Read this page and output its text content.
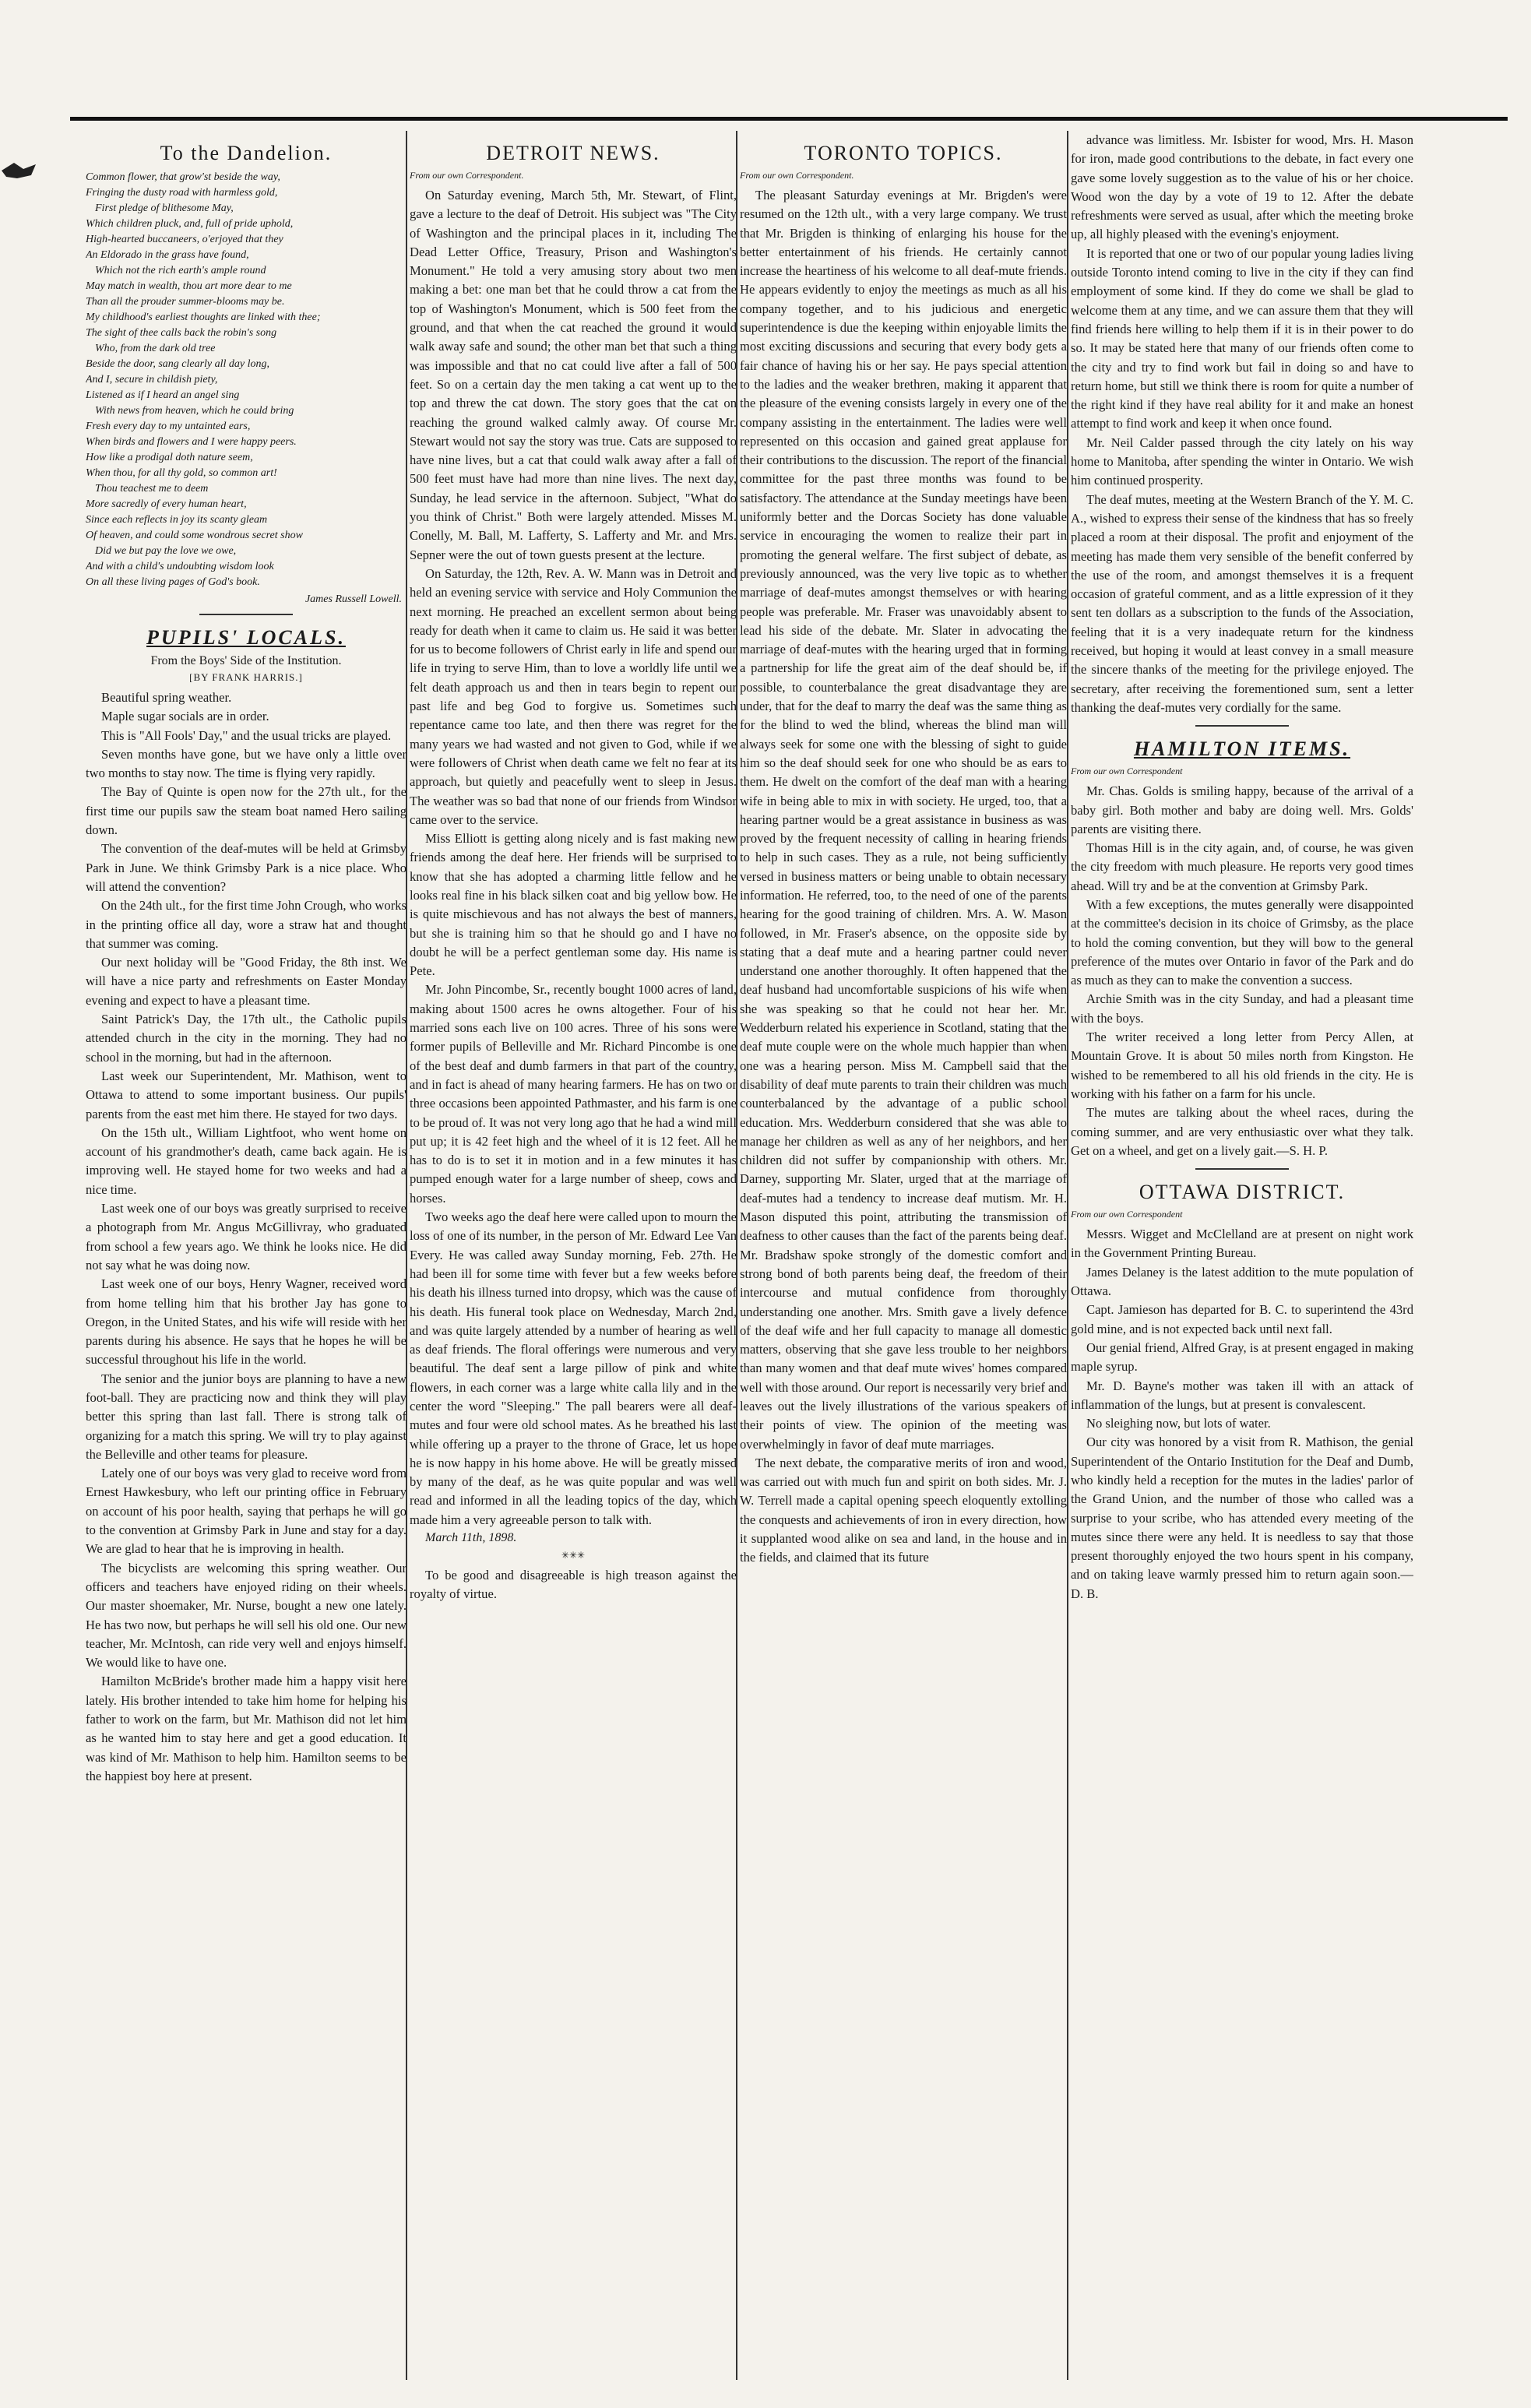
To the Dandelion.
Common flower, that grow'st beside the way,
Fringing the dusty road with harmless gold,
First pledge of blithesome May,
Which children pluck, and, full of pride uphold,
High-hearted buccaneers, o'erjoyed that they
An Eldorado in the grass have found,
Which not the rich earth's ample round
May match in wealth, thou art more dear to me
Than all the prouder summer-blooms may be.
My childhood's earliest thoughts are linked with thee;
The sight of thee calls back the robin's song
Who, from the dark old tree
Beside the door, sang clearly all day long,
And I, secure in childish piety,
Listened as if I heard an angel sing
With news from heaven, which he could bring
Fresh every day to my untainted ears,
When birds and flowers and I were happy peers.
How like a prodigal doth nature seem,
When thou, for all thy gold, so common art!
Thou teachest me to deem
More sacredly of every human heart,
Since each reflects in joy its scanty gleam
Of heaven, and could some wondrous secret show
Did we but pay the love we owe,
And with a child's undoubting wisdom look
On all these living pages of God's book.

James Russell Lowell.

PUPILS' LOCALS.

From the Boys' Side of the Institution.

[BY FRANK HARRIS.]

Beautiful spring weather.

Maple sugar socials are in order.

This is "All Fools' Day," and the usual tricks are played.

Seven months have gone, but we have only a little over two months to stay now. The time is flying very rapidly.

The Bay of Quinte is open now for the 27th ult., for the first time our pupils saw the steam boat named Hero sailing down.

The convention of the deaf-mutes will be held at Grimsby Park in June. We think Grimsby Park is a nice place. Who will attend the convention?

On the 24th ult., for the first time John Crough, who works in the printing office all day, wore a straw hat and thought that summer was coming.

Our next holiday will be "Good Friday, the 8th inst. We will have a nice party and refreshments on Easter Monday evening and expect to have a pleasant time.

Saint Patrick's Day, the 17th ult., the Catholic pupils attended church in the city in the morning. They had no school in the morning, but had in the afternoon.

Last week our Superintendent, Mr. Mathison, went to Ottawa to attend to some important business. Our pupils' parents from the east met him there. He stayed for two days.

On the 15th ult., William Lightfoot, who went home on account of his grandmother's death, came back again. He is improving well. He stayed home for two weeks and had a nice time.

Last week one of our boys was greatly surprised to receive a photograph from Mr. Angus McGillivray, who graduated from school a few years ago. We think he looks nice. He did not say what he was doing now.

Last week one of our boys, Henry Wagner, received word from home telling him that his brother Jay has gone to Oregon, in the United States, and his wife will reside with her parents during his absence. He says that he hopes he will be successful throughout his life in the world.

The senior and the junior boys are planning to have a new foot-ball. They are practicing now and think they will play better this spring than last fall. There is strong talk of organizing for a match this spring. We will try to play against the Belleville and other teams for pleasure.

Lately one of our boys was very glad to receive word from Ernest Hawkesbury, who left our printing office in February on account of his poor health, saying that perhaps he will go to the convention at Grimsby Park in June and stay for a day. We are glad to hear that he is improving in health.

The bicyclists are welcoming this spring weather. Our officers and teachers have enjoyed riding on their wheels. Our master shoemaker, Mr. Nurse, bought a new one lately. He has two now, but perhaps he will sell his old one. Our new teacher, Mr. McIntosh, can ride very well and enjoys himself. We would like to have one.

Hamilton McBride's brother made him a happy visit here lately. His brother intended to take him home for helping his father to work on the farm, but Mr. Mathison did not let him as he wanted him to stay here and get a good education. It was kind of Mr. Mathison to help him. Hamilton seems to be the happiest boy here at present.

DETROIT NEWS.

From our own Correspondent.

On Saturday evening, March 5th, Mr. Stewart, of Flint, gave a lecture to the deaf of Detroit. His subject was "The City of Washington and the principal places in it, including The Dead Letter Office, Treasury, Prison and Washington's Monument." He told a very amusing story about two men making a bet: one man bet that he could throw a cat from the top of Washington's Monument, which is 500 feet from the ground, and that when the cat reached the ground it would walk away safe and sound; the other man bet that such a thing was impossible and that no cat could live after a fall of 500 feet. So on a certain day the men taking a cat went up to the top and threw the cat down. The story goes that the cat on reaching the ground walked calmly away. Of course Mr. Stewart would not say the story was true. Cats are supposed to have nine lives, but a cat that could walk away after a fall of 500 feet must have had more than nine lives. The next day, Sunday, he lead service in the afternoon. Subject, "What do you think of Christ." Both were largely attended. Misses M. Conelly, M. Ball, M. Lafferty, S. Lafferty and Mr. and Mrs. Sepner were the out of town guests present at the lecture.

On Saturday, the 12th, Rev. A. W. Mann was in Detroit and held an evening service with service and Holy Communion the next morning. He preached an excellent sermon about being ready for death when it came to claim us. He said it was better for us to become followers of Christ early in life and spend our life in trying to serve Him, than to love a worldly life until we felt death approach us and then in tears begin to repent our past life and beg God to forgive us. Sometimes such repentance came too late, and then there was regret for the many years we had wasted and not given to God, while if we were followers of Christ when death came we felt no fear at its approach, but quietly and peacefully went to sleep in Jesus. The weather was so bad that none of our friends from Windsor came over to the service.

Miss Elliott is getting along nicely and is fast making new friends among the deaf here. Her friends will be surprised to know that she has adopted a charming little fellow and he looks real fine in his black silken coat and big yellow bow. He is quite mischievous and has not always the best of manners, but she is training him so that he should go and I have no doubt he will be a perfect gentleman some day. His name is Pete.

Mr. John Pincombe, Sr., recently bought 1000 acres of land, making about 1500 acres he owns altogether. Four of his married sons each live on 100 acres. Three of his sons were former pupils of Belleville and Mr. Richard Pincombe is one of the best deaf and dumb farmers in that part of the country, and in fact is ahead of many hearing farmers. He has on two or three occasions been appointed Pathmaster, and his farm is one to be proud of. It was not very long ago that he had a wind mill put up; it is 42 feet high and the wheel of it is 12 feet. All he has to do is to set it in motion and in a few minutes it has pumped enough water for a large number of sheep, cows and horses.

Two weeks ago the deaf here were called upon to mourn the loss of one of its number, in the person of Mr. Edward Lee Van Every. He was called away Sunday morning, Feb. 27th. He had been ill for some time with fever but a few weeks before his death his illness turned into dropsy, which was the cause of his death. His funeral took place on Wednesday, March 2nd, and was quite largely attended by a number of hearing as well as deaf friends. The floral offerings were numerous and very beautiful. The deaf sent a large pillow of pink and white flowers, in each corner was a large white calla lily and in the center the word "Sleeping." The pall bearers were all deaf-mutes and four were old school mates. As he breathed his last while offering up a prayer to the throne of Grace, let us hope he is now happy in his home above. He will be greatly missed by many of the deaf, as he was quite popular and was well read and informed in all the leading topics of the day, which made him a very agreeable person to talk with.

March 11th, 1898.

✳✳✳

To be good and disagreeable is high treason against the royalty of virtue.

TORONTO TOPICS.

From our own Correspondent.

The pleasant Saturday evenings at Mr. Brigden's were resumed on the 12th ult., with a very large company. We trust that Mr. Brigden is thinking of enlarging his house for the better entertainment of his friends. He certainly cannot increase the heartiness of his welcome to all deaf-mute friends. He appears evidently to enjoy the meetings as much as all his company together, and to his judicious and energetic superintendence is due the keeping within enjoyable limits the most exciting discussions and securing that every body gets a fair chance of having his or her say. He pays special attention to the ladies and the weaker brethren, making it apparent that the pleasure of the evening consists largely in every one of the company assisting in the entertainment. The ladies were well represented on this occasion and gained great applause for their contributions to the discussion. The report of the financial committee for the past three months was found to be satisfactory. The attendance at the Sunday meetings have been uniformly better and the Dorcas Society has done valuable service in encouraging the women to realize their part in promoting the general welfare. The first subject of debate, as previously announced, was the very live topic as to whether marriage of deaf-mutes amongst themselves or with hearing people was preferable. Mr. Fraser was unavoidably absent to lead his side of the debate. Mr. Slater in advocating the marriage of deaf-mutes with the hearing urged that in forming a partnership for life the great aim of the deaf should be, if possible, to counterbalance the great disadvantage they are under, that for the deaf to marry the deaf was the same thing as for the blind to wed the blind, whereas the blind man will always seek for some one with the blessing of sight to guide him so the deaf should seek for one who should be as ears to them. He dwelt on the comfort of the deaf man with a hearing wife in being able to mix in with society. He urged, too, that a hearing partner would be a great assistance in business as was proved by the frequent necessity of calling in hearing friends to help in such cases. They as a rule, not being sufficiently versed in business matters or being unable to obtain necessary information. He referred, too, to the need of one of the parents hearing for the good training of children. Mrs. A. W. Mason followed, in Mr. Fraser's absence, on the opposite side by stating that a deaf mute and a hearing partner could never understand one another thoroughly. It often happened that the deaf husband had uncomfortable suspicions of his wife when she was speaking so that he could not hear her. Mr. Wedderburn related his experience in Scotland, stating that the deaf mute couple were on the whole much happier than when one was a hearing person. Miss M. Campbell said that the disability of deaf mute parents to train their children was much counterbalanced by the advantage of a public school education. Mrs. Wedderburn considered that she was able to manage her children as well as any of her neighbors, and her children did not suffer by companionship with others. Mr. Darney, supporting Mr. Slater, urged that at the marriage of deaf-mutes had a tendency to increase deaf mutism. Mr. H. Mason disputed this point, attributing the transmission of deafness to other causes than the fact of the parents being deaf. Mr. Bradshaw spoke strongly of the domestic comfort and strong bond of both parents being deaf, the freedom of their intercourse and mutual confidence from thoroughly understanding one another. Mrs. Smith gave a lively defence of the deaf wife and her full capacity to manage all domestic matters, observing that she gave less trouble to her neighbors than many women and that deaf mute wives' homes compared well with those around. Our report is necessarily very brief and leaves out the lively illustrations of the various speakers of their points of view. The opinion of the meeting was overwhelmingly in favor of deaf mute marriages.

The next debate, the comparative merits of iron and wood, was carried out with much fun and spirit on both sides. Mr. J. W. Terrell made a capital opening speech eloquently extolling the conquests and achievements of iron in every direction, how it supplanted wood alike on sea and land, in the house and in the fields, and claimed that its future

advance was limitless. Mr. Isbister for wood, Mrs. H. Mason for iron, made good contributions to the debate, in fact every one gave some lovely suggestion as to the value of his or her choice. Wood won the day by a vote of 19 to 12. After the debate refreshments were served as usual, after which the meeting broke up, all highly pleased with the evening's enjoyment.

It is reported that one or two of our popular young ladies living outside Toronto intend coming to live in the city if they can find employment of some kind. If they do come we shall be glad to welcome them at any time, and we can assure them that they will find friends here willing to help them if it is in their power to do so. It may be stated here that many of our friends often come to the city and try to find work but fail in doing so and have to return home, but still we think there is room for quite a number of the right kind if they have real ability for it and make an honest attempt to find work and keep it when once found.

Mr. Neil Calder passed through the city lately on his way home to Manitoba, after spending the winter in Ontario. We wish him continued prosperity.

The deaf mutes, meeting at the Western Branch of the Y. M. C. A., wished to express their sense of the kindness that has so freely placed a room at their disposal. The profit and enjoyment of the meeting has made them very sensible of the benefit conferred by the use of the room, and amongst themselves it is a frequent occasion of grateful comment, and as a little expression of it they sent ten dollars as a subscription to the funds of the Association, feeling that it is a very inadequate return for the kindness received, but hoping it would at least convey in a small measure the sincere thanks of the meeting for the privilege enjoyed. The secretary, after receiving the forementioned sum, sent a letter thanking the deaf-mutes very cordially for the same.

HAMILTON ITEMS.

From our own Correspondent

Mr. Chas. Golds is smiling happy, because of the arrival of a baby girl. Both mother and baby are doing well. Mrs. Golds' parents are visiting there.

Thomas Hill is in the city again, and, of course, he was given the city freedom with much pleasure. He reports very good times ahead. Will try and be at the convention at Grimsby Park.

With a few exceptions, the mutes generally were disappointed at the committee's decision in its choice of Grimsby, as the place to hold the coming convention, but they will bow to the general preference of the mutes over Ontario in favor of the Park and do as much as they can to make the convention a success.

Archie Smith was in the city Sunday, and had a pleasant time with the boys.

The writer received a long letter from Percy Allen, at Mountain Grove. It is about 50 miles north from Kingston. He wished to be remembered to all his old friends in the city. He is working with his father on a farm for his uncle.

The mutes are talking about the wheel races, during the coming summer, and are very enthusiastic over what they talk. Get on a wheel, and get on a lively gait.—S. H. P.

OTTAWA DISTRICT.

From our own Correspondent

Messrs. Wigget and McClelland are at present on night work in the Government Printing Bureau.

James Delaney is the latest addition to the mute population of Ottawa.

Capt. Jamieson has departed for B. C. to superintend the 43rd gold mine, and is not expected back until next fall.

Our genial friend, Alfred Gray, is at present engaged in making maple syrup.

Mr. D. Bayne's mother was taken ill with an attack of inflammation of the lungs, but at present is convalescent.

No sleighing now, but lots of water.

Our city was honored by a visit from R. Mathison, the genial Superintendent of the Ontario Institution for the Deaf and Dumb, who kindly held a reception for the mutes in the ladies' parlor of the Grand Union, and the number of those who called was a surprise to your scribe, who has attended every meeting of the mutes since there were any held. It is needless to say that those present thoroughly enjoyed the two hours spent in his company, and on taking leave warmly pressed him to return again soon.—D. B.
